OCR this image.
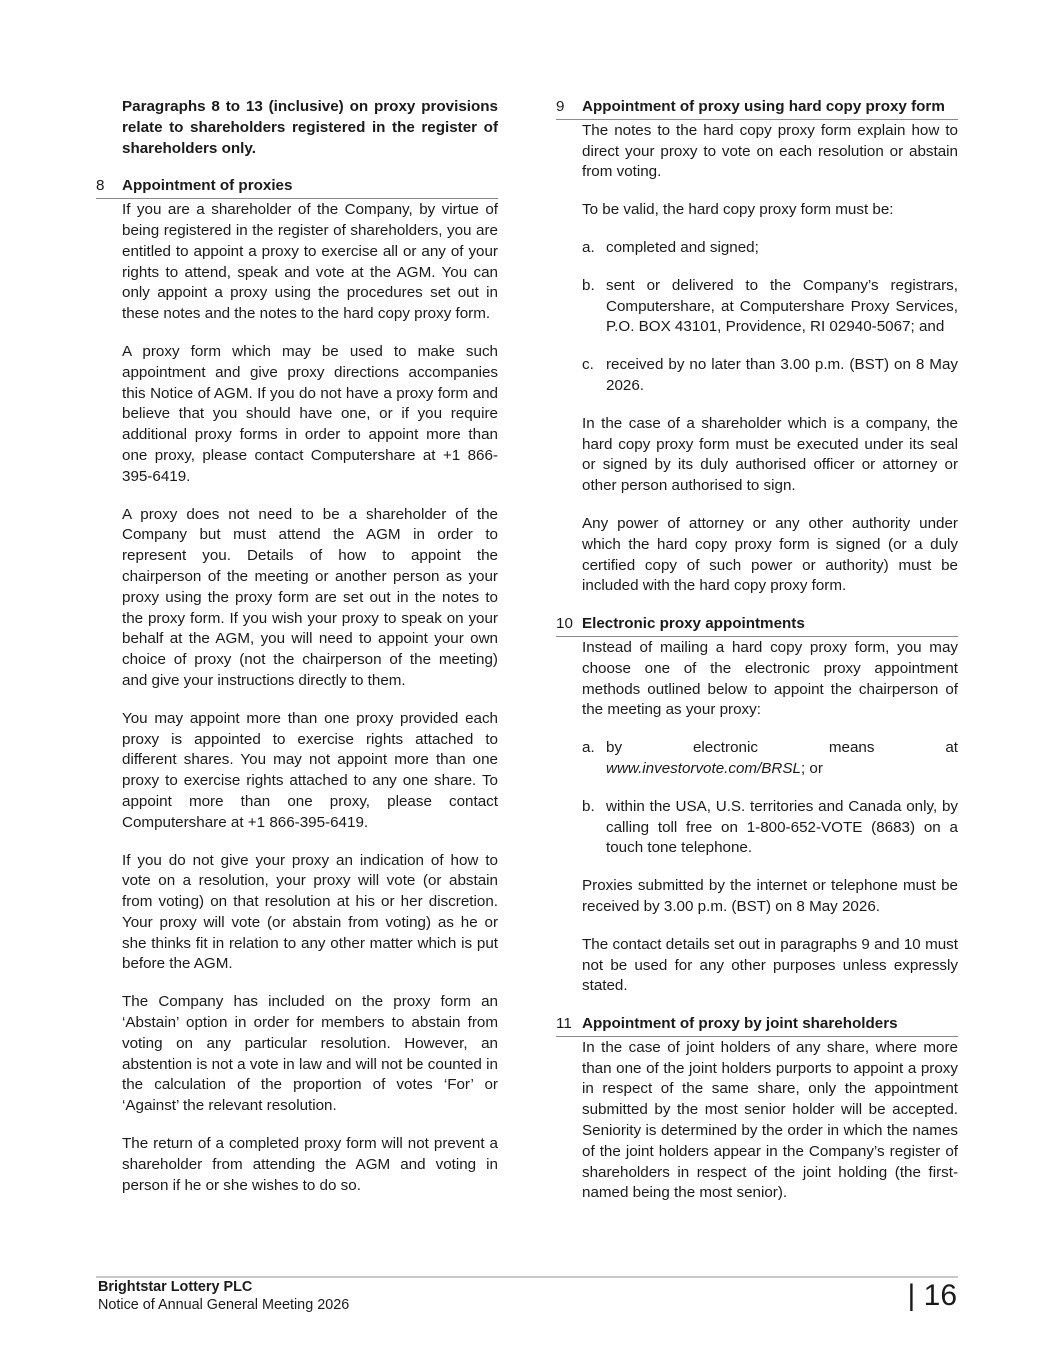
Paragraphs 8 to 13 (inclusive) on proxy provisions relate to shareholders registered in the register of shareholders only.

8	Appointment of proxies

If you are a shareholder of the Company, by virtue of being registered in the register of shareholders, you are entitled to appoint a proxy to exercise all or any of your rights to attend, speak and vote at the AGM. You can only appoint a proxy using the procedures set out in these notes and the notes to the hard copy proxy form.

A proxy form which may be used to make such appointment and give proxy directions accompanies this Notice of AGM. If you do not have a proxy form and believe that you should have one, or if you require additional proxy forms in order to appoint more than one proxy, please contact Computershare at +1 866-395-6419.

A proxy does not need to be a shareholder of the Company but must attend the AGM in order to represent you. Details of how to appoint the chairperson of the meeting or another person as your proxy using the proxy form are set out in the notes to the proxy form. If you wish your proxy to speak on your behalf at the AGM, you will need to appoint your own choice of proxy (not the chairperson of the meeting) and give your instructions directly to them.

You may appoint more than one proxy provided each proxy is appointed to exercise rights attached to different shares. You may not appoint more than one proxy to exercise rights attached to any one share. To appoint more than one proxy, please contact Computershare at +1 866-395-6419.

If you do not give your proxy an indication of how to vote on a resolution, your proxy will vote (or abstain from voting) on that resolution at his or her discretion. Your proxy will vote (or abstain from voting) as he or she thinks fit in relation to any other matter which is put before the AGM.

The Company has included on the proxy form an ‘Abstain’ option in order for members to abstain from voting on any particular resolution. However, an abstention is not a vote in law and will not be counted in the calculation of the proportion of votes ‘For’ or ‘Against’ the relevant resolution.

The return of a completed proxy form will not prevent a shareholder from attending the AGM and voting in person if he or she wishes to do so.

9	Appointment of proxy using hard copy proxy form

The notes to the hard copy proxy form explain how to direct your proxy to vote on each resolution or abstain from voting.

To be valid, the hard copy proxy form must be:

a. completed and signed;
b. sent or delivered to the Company’s registrars, Computershare, at Computershare Proxy Services, P.O. BOX 43101, Providence, RI 02940-5067; and
c. received by no later than 3.00 p.m. (BST) on 8 May 2026.

In the case of a shareholder which is a company, the hard copy proxy form must be executed under its seal or signed by its duly authorised officer or attorney or other person authorised to sign.

Any power of attorney or any other authority under which the hard copy proxy form is signed (or a duly certified copy of such power or authority) must be included with the hard copy proxy form.

10 Electronic proxy appointments

Instead of mailing a hard copy proxy form, you may choose one of the electronic proxy appointment methods outlined below to appoint the chairperson of the meeting as your proxy:

a. by electronic means at
www.investorvote.com/BRSL; or
b. within the USA, U.S. territories and Canada only, by calling toll free on 1-800-652-VOTE (8683) on a touch tone telephone.

Proxies submitted by the internet or telephone must be received by 3.00 p.m. (BST) on 8 May 2026.

The contact details set out in paragraphs 9 and 10 must not be used for any other purposes unless expressly stated.

11 Appointment of proxy by joint shareholders

In the case of joint holders of any share, where more than one of the joint holders purports to appoint a proxy in respect of the same share, only the appointment submitted by the most senior holder will be accepted. Seniority is determined by the order in which the names of the joint holders appear in the Company’s register of shareholders in respect of the joint holding (the first-named being the most senior).

Brightstar Lottery PLC
Notice of Annual General Meeting 2026	| 16
